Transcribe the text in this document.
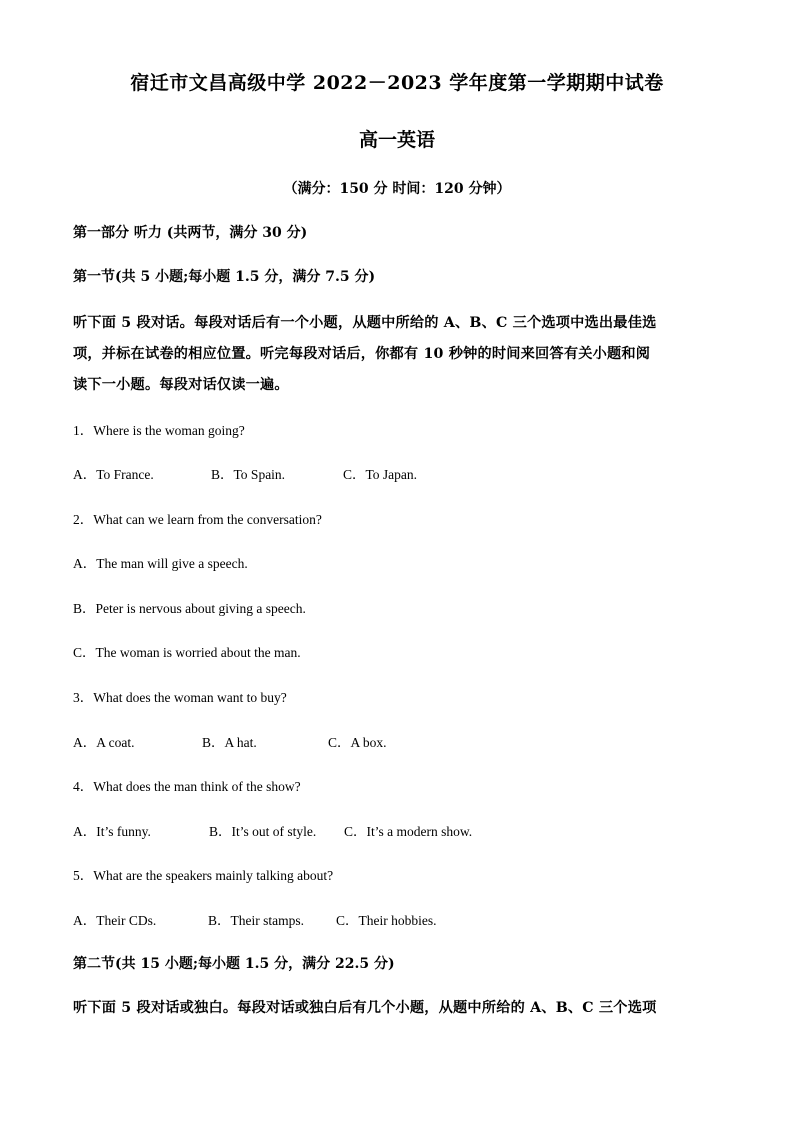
宿迁市文昌高级中学 2022－2023 学年度第一学期期中试卷
高一英语
（满分：150 分 时间：120 分钟）
第一部分 听力 (共两节，满分 30 分)
第一节(共 5 小题;每小题 1.5 分，满分 7.5 分)
听下面 5 段对话。每段对话后有一个小题，从题中所给的 A、B、C 三个选项中选出最佳选
项，并标在试卷的相应位置。听完每段对话后，你都有 10 秒钟的时间来回答有关小题和阅
读下一小题。每段对话仅读一遍。
1．Where is the woman going?
A．To France.	B．To Spain.	C．To Japan.
2．What can we learn from the conversation?
A．The man will give a speech.
B．Peter is nervous about giving a speech.
C．The woman is worried about the man.
3．What does the woman want to buy?
A．A coat.	B．A hat.	C．A box.
4．What does the man think of the show?
A．It’s funny.	B．It’s out of style. C．It’s a modern show.
5．What are the speakers mainly talking about?
A．Their CDs.	B．Their stamps. C．Their hobbies.
第二节(共 15 小题;每小题 1.5 分，满分 22.5 分)
听下面 5 段对话或独白。每段对话或独白后有几个小题，从题中所给的 A、B、C 三个选项
